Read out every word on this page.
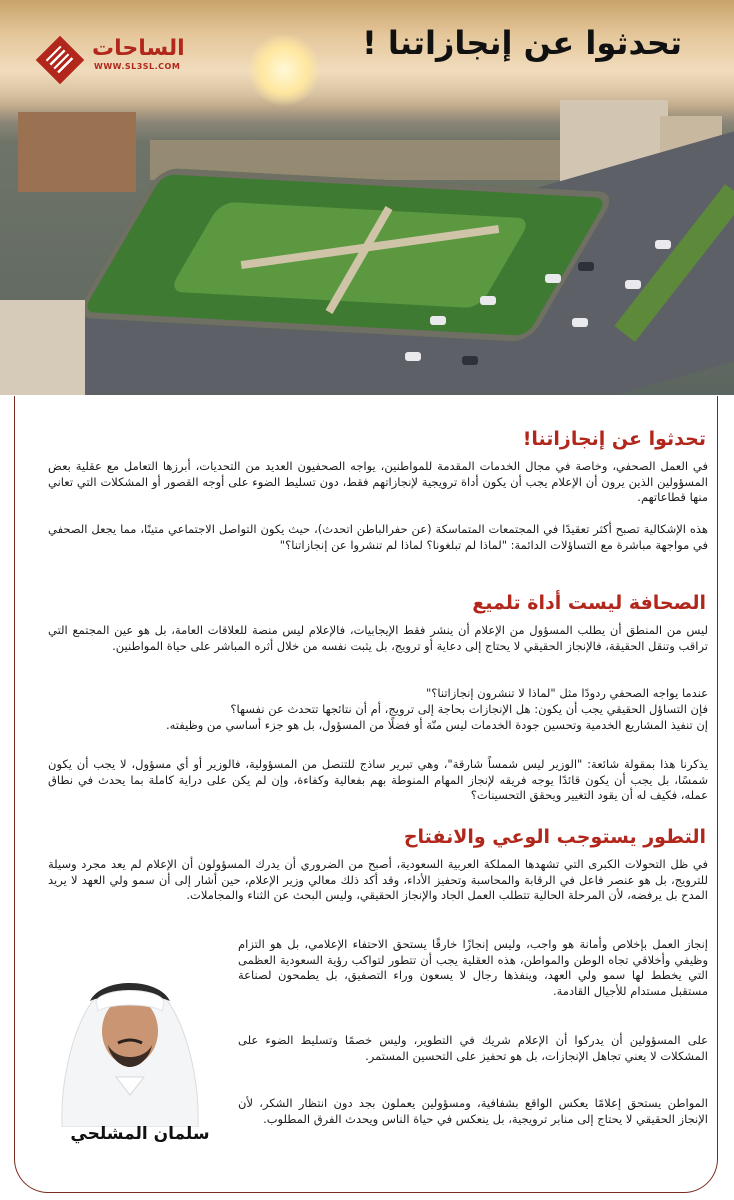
الساحات
WWW.SL3SL.COM
تحدثوا عن إنجازاتنا !
تحدثوا عن إنجازاتنا!

في العمل الصحفي، وخاصة في مجال الخدمات المقدمة للمواطنين، يواجه الصحفيون العديد من التحديات، أبرزها التعامل مع عقلية بعض المسؤولين الذين يرون أن الإعلام يجب أن يكون أداة ترويجية لإنجازاتهم فقط، دون تسليط الضوء على أوجه القصور أو المشكلات التي تعاني منها قطاعاتهم.

هذه الإشكالية تصبح أكثر تعقيدًا في المجتمعات المتماسكة (عن حفرالباطن اتحدث)، حيث يكون التواصل الاجتماعي متينًا، مما يجعل الصحفي في مواجهة مباشرة مع التساؤلات الدائمة: "لماذا لم تبلغونا؟ لماذا لم تنشروا عن إنجازاتنا؟"

الصحافة ليست أداة تلميع

ليس من المنطق أن يطلب المسؤول من الإعلام أن ينشر فقط الإيجابيات، فالإعلام ليس منصة للعلاقات العامة، بل هو عين المجتمع التي تراقب وتنقل الحقيقة، فالإنجاز الحقيقي لا يحتاج إلى دعاية أو ترويج، بل يثبت نفسه من خلال أثره المباشر على حياة المواطنين.

عندما يواجه الصحفي ردودًا مثل "لماذا لا تنشرون إنجازاتنا؟"

فإن التساؤل الحقيقي يجب أن يكون: هل الإنجازات بحاجة إلى ترويج، أم أن نتائجها تتحدث عن نفسها؟

إن تنفيذ المشاريع الخدمية وتحسين جودة الخدمات ليس منّة أو فضلًا من المسؤول، بل هو جزء أساسي من وظيفته.

يذكرنا هذا بمقولة شائعة: "الوزير ليس شمساً شارقة"، وهي تبرير ساذج للتنصل من المسؤولية، فالوزير أو أي مسؤول، لا يجب أن يكون شمسًا، بل يجب أن يكون قائدًا يوجه فريقه لإنجاز المهام المنوطة بهم بفعالية وكفاءة، وإن لم يكن على دراية كاملة بما يحدث في نطاق عمله، فكيف له أن يقود التغيير ويحقق التحسينات؟

التطور يستوجب الوعي والانفتاح

في ظل التحولات الكبرى التي تشهدها المملكة العربية السعودية، أصبح من الضروري أن يدرك المسؤولون أن الإعلام لم يعد مجرد وسيلة للترويج، بل هو عنصر فاعل في الرقابة والمحاسبة وتحفيز الأداء، وقد أكد ذلك معالي وزير الإعلام، حين أشار إلى أن سمو ولي العهد لا يريد المدح بل يرفضه، لأن المرحلة الحالية تتطلب العمل الجاد والإنجاز الحقيقي، وليس البحث عن الثناء والمجاملات.

إنجاز العمل بإخلاص وأمانة هو واجب، وليس إنجازًا خارقًا يستحق الاحتفاء الإعلامي، بل هو التزام وظيفي وأخلاقي تجاه الوطن والمواطن، هذه العقلية يجب أن تتطور لتواكب رؤية السعودية العظمى التي يخطط لها سمو ولي العهد، وينفذها رجال لا يسعون وراء التصفيق، بل يطمحون لصناعة مستقبل مستدام للأجيال القادمة.

على المسؤولين أن يدركوا أن الإعلام شريك في التطوير، وليس خصمًا وتسليط الضوء على المشكلات لا يعني تجاهل الإنجازات، بل هو تحفيز على التحسين المستمر.

المواطن يستحق إعلامًا يعكس الواقع بشفافية، ومسؤولين يعملون بجد دون انتظار الشكر، لأن الإنجاز الحقيقي لا يحتاج إلى منابر ترويجية، بل ينعكس في حياة الناس ويحدث الفرق المطلوب.

سلمان المشلحي
